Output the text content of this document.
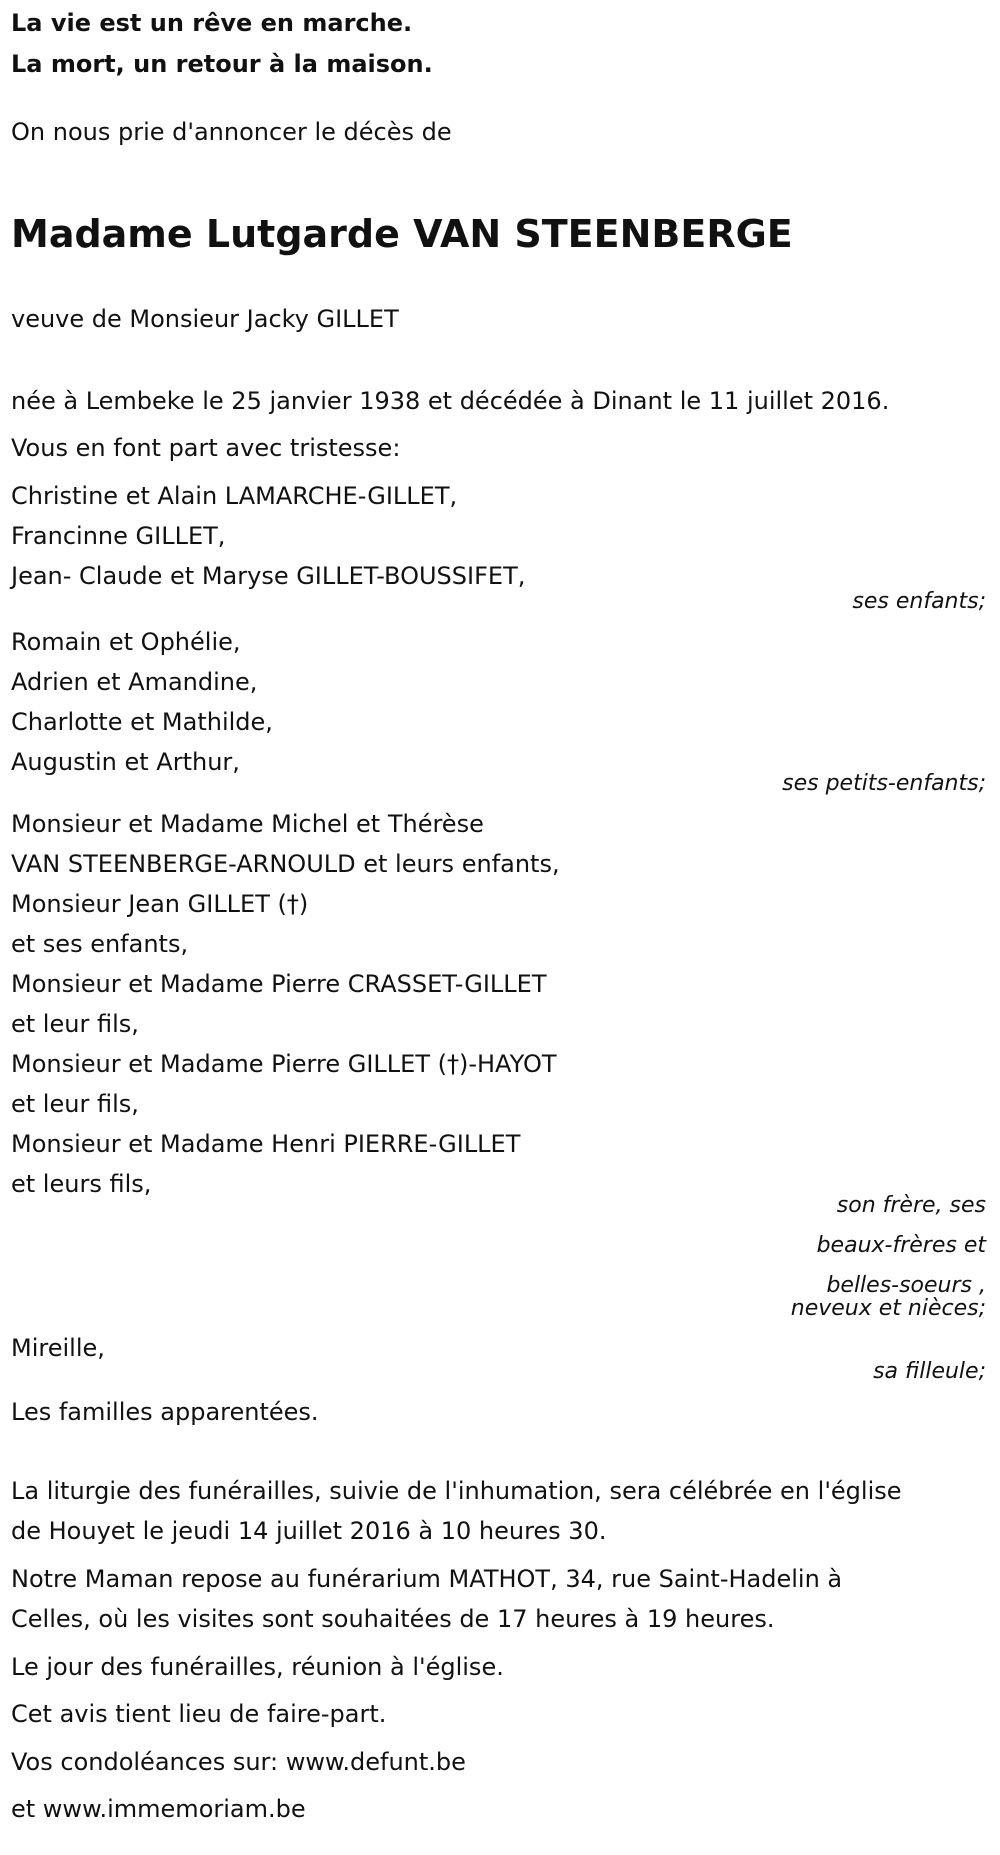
La vie est un rêve en marche.
La mort, un retour à la maison.
On nous prie d'annoncer le décès de
Madame Lutgarde VAN STEENBERGE
veuve de Monsieur Jacky GILLET
née à Lembeke le 25 janvier 1938 et décédée à Dinant le 11 juillet 2016.
Vous en font part avec tristesse:
Christine et Alain LAMARCHE-GILLET,
Francinne GILLET,
Jean- Claude et Maryse GILLET-BOUSSIFET,
ses enfants;
Romain et Ophélie,
Adrien et Amandine,
Charlotte et Mathilde,
Augustin et Arthur,
ses petits-enfants;
Monsieur et Madame Michel et Thérèse
VAN STEENBERGE-ARNOULD et leurs enfants,
Monsieur Jean GILLET (†)
et ses enfants,
Monsieur et Madame Pierre CRASSET-GILLET
et leur fils,
Monsieur et Madame Pierre GILLET (†)-HAYOT
et leur fils,
Monsieur et Madame Henri PIERRE-GILLET
et leurs fils,
son frère, ses
beaux-frères et
belles-soeurs ,
neveux et nièces;
Mireille,
sa filleule;
Les familles apparentées.
La liturgie des funérailles, suivie de l'inhumation, sera célébrée en l'église
de Houyet le jeudi 14 juillet 2016 à 10 heures 30.
Notre Maman repose au funérarium MATHOT, 34, rue Saint-Hadelin à
Celles, où les visites sont souhaitées de 17 heures à 19 heures.
Le jour des funérailles, réunion à l'église.
Cet avis tient lieu de faire-part.
Vos condoléances sur: www.defunt.be
et www.immemoriam.be
